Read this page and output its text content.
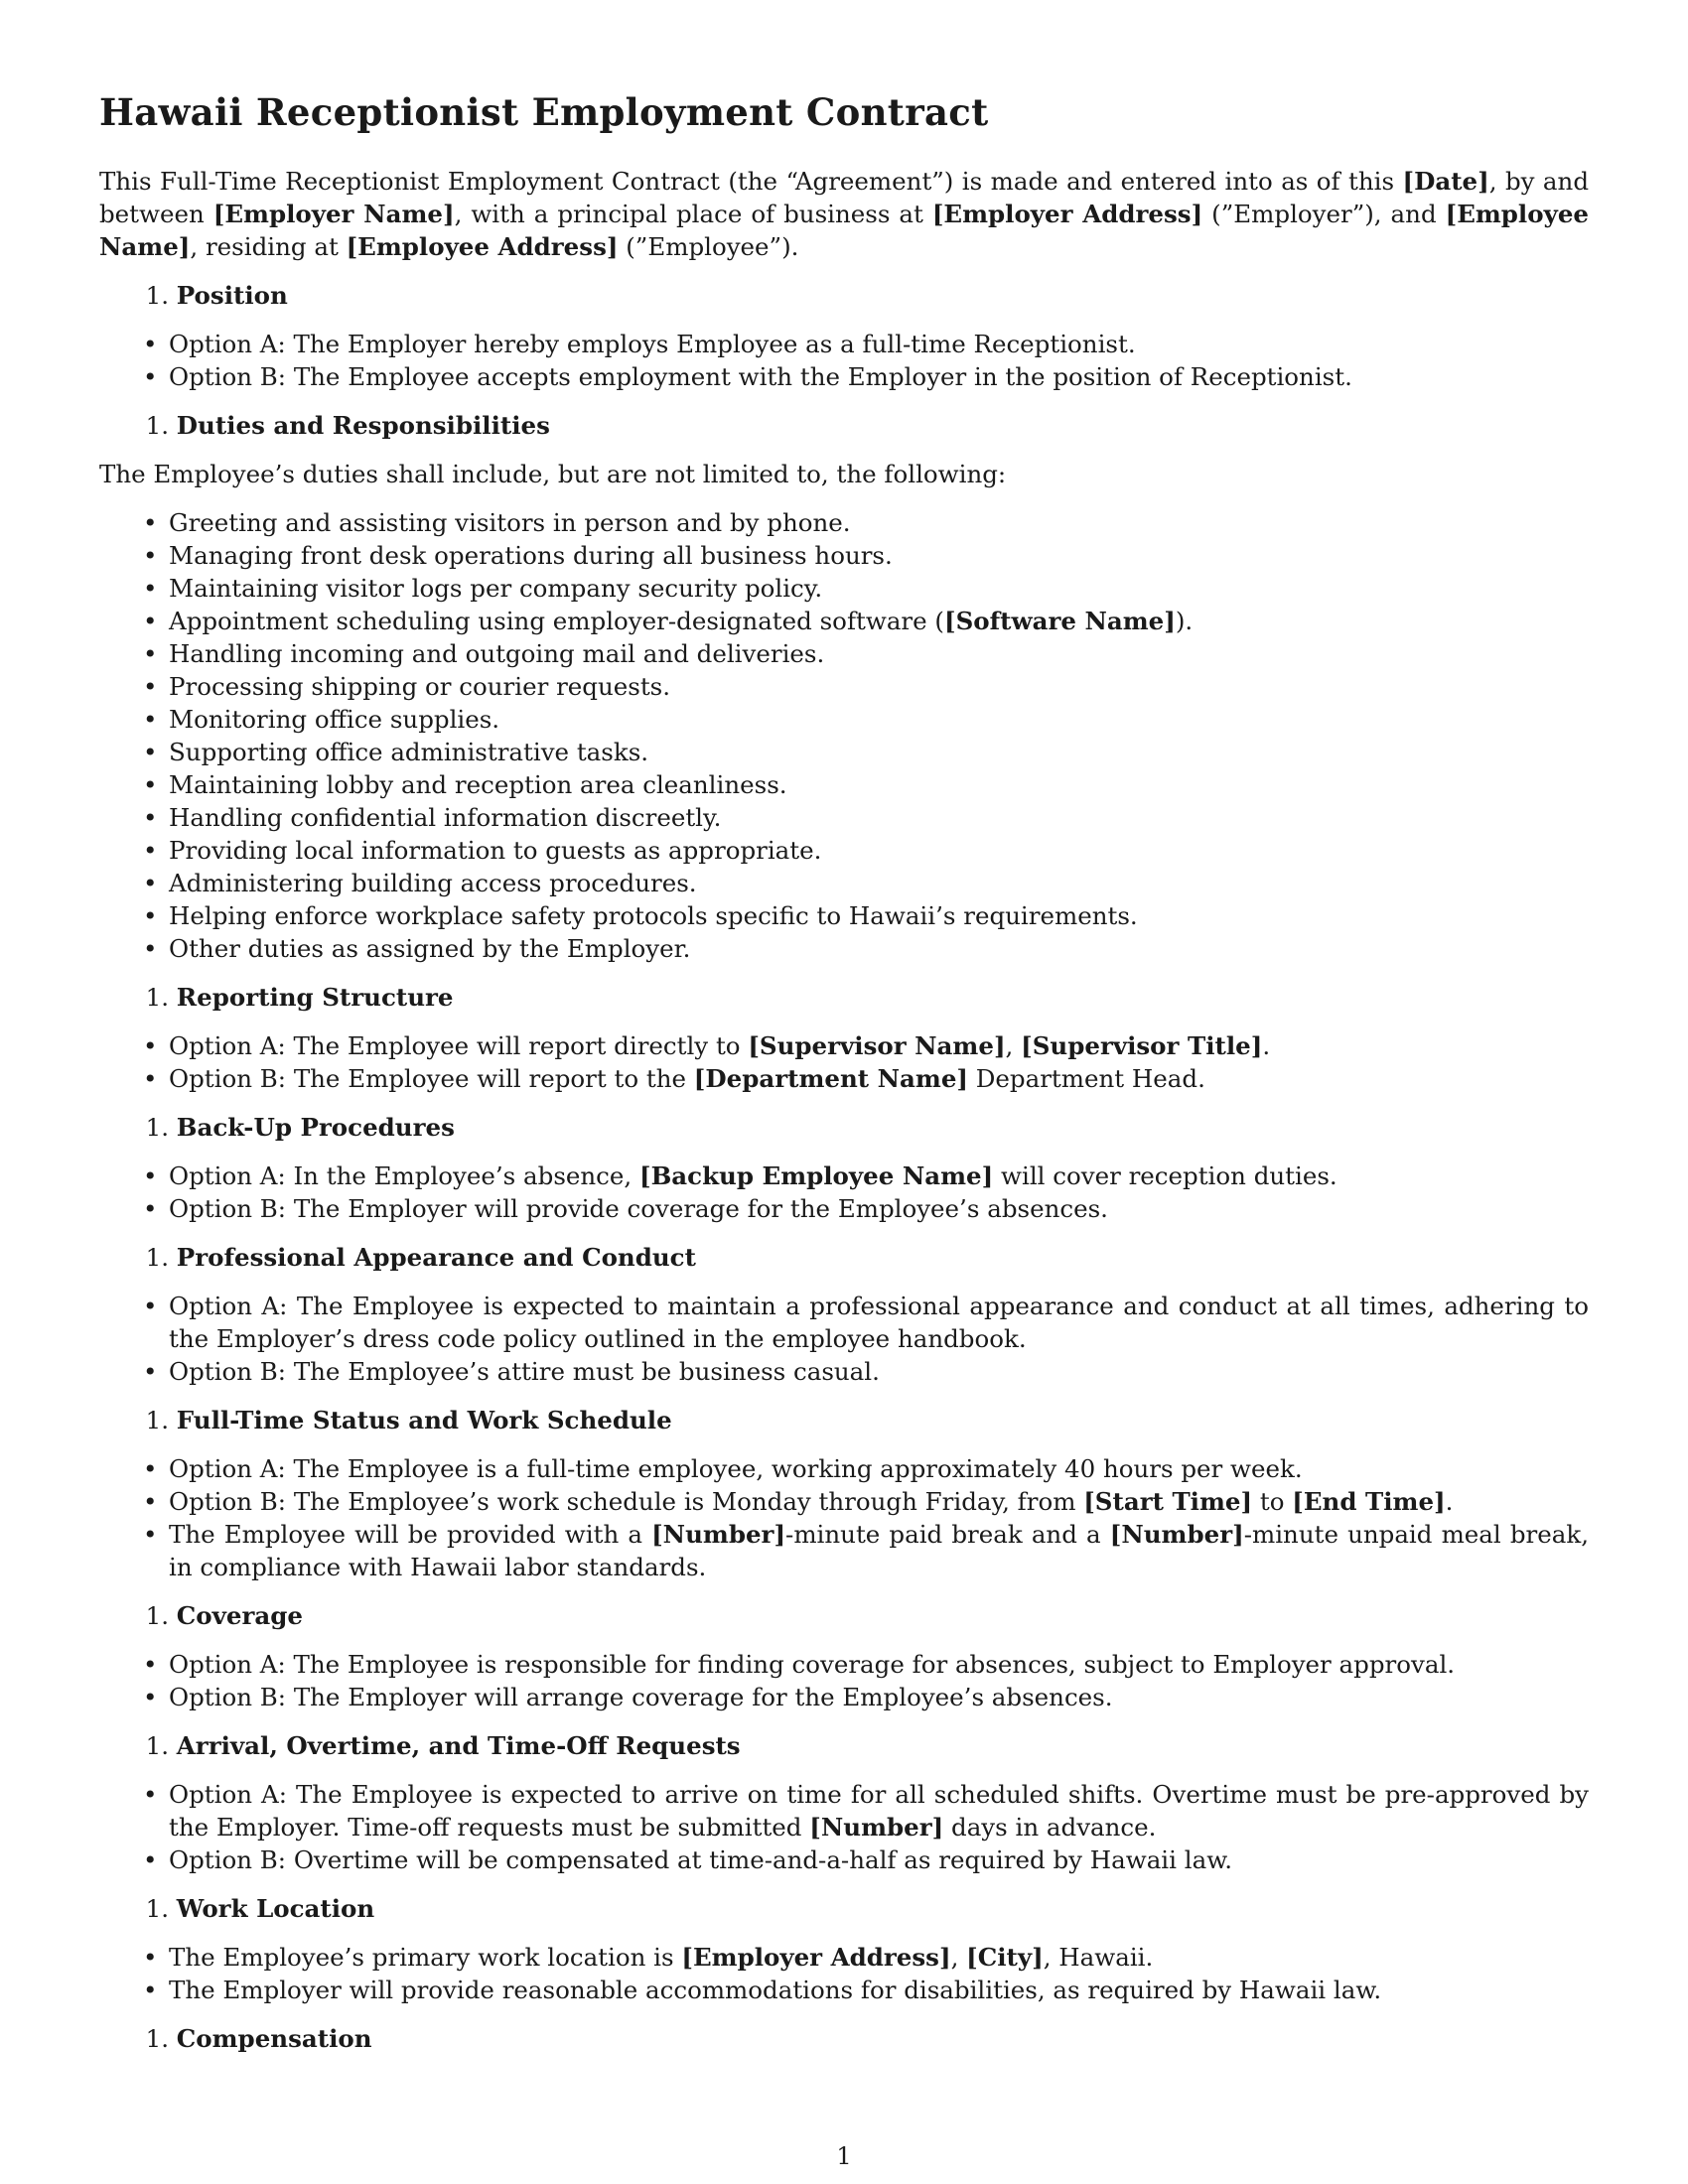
Hawaii Receptionist Employment Contract

This Full-Time Receptionist Employment Contract (the “Agreement”) is made and entered into as of this [Date], by and between [Employer Name], with a principal place of business at [Employer Address] (”Employer”), and [Employee Name], residing at [Employee Address] (”Employee”).

1. Position
• Option A: The Employer hereby employs Employee as a full-time Receptionist.
• Option B: The Employee accepts employment with the Employer in the position of Receptionist.
1. Duties and Responsibilities

The Employee’s duties shall include, but are not limited to, the following:

• Greeting and assisting visitors in person and by phone.
• Managing front desk operations during all business hours.
• Maintaining visitor logs per company security policy.
• Appointment scheduling using employer-designated software ([Software Name]).
• Handling incoming and outgoing mail and deliveries.
• Processing shipping or courier requests.
• Monitoring office supplies.
• Supporting office administrative tasks.
• Maintaining lobby and reception area cleanliness.
• Handling confidential information discreetly.
• Providing local information to guests as appropriate.
• Administering building access procedures.
• Helping enforce workplace safety protocols specific to Hawaii’s requirements.
• Other duties as assigned by the Employer.
1. Reporting Structure
• Option A: The Employee will report directly to [Supervisor Name], [Supervisor Title].
• Option B: The Employee will report to the [Department Name] Department Head.
1. Back-Up Procedures
• Option A: In the Employee’s absence, [Backup Employee Name] will cover reception duties.
• Option B: The Employer will provide coverage for the Employee’s absences.
1. Professional Appearance and Conduct
• Option A: The Employee is expected to maintain a professional appearance and conduct at all times, adhering to the Employer’s dress code policy outlined in the employee handbook.
• Option B: The Employee’s attire must be business casual.
1. Full-Time Status and Work Schedule
• Option A: The Employee is a full-time employee, working approximately 40 hours per week.
• Option B: The Employee’s work schedule is Monday through Friday, from [Start Time] to [End Time].
• The Employee will be provided with a [Number]-minute paid break and a [Number]-minute unpaid meal break, in compliance with Hawaii labor standards.
1. Coverage
• Option A: The Employee is responsible for finding coverage for absences, subject to Employer approval.
• Option B: The Employer will arrange coverage for the Employee’s absences.
1. Arrival, Overtime, and Time-Off Requests
• Option A: The Employee is expected to arrive on time for all scheduled shifts. Overtime must be pre-approved by the Employer. Time-off requests must be submitted [Number] days in advance.
• Option B: Overtime will be compensated at time-and-a-half as required by Hawaii law.
1. Work Location
• The Employee’s primary work location is [Employer Address], [City], Hawaii.
• The Employer will provide reasonable accommodations for disabilities, as required by Hawaii law.
1. Compensation
1
